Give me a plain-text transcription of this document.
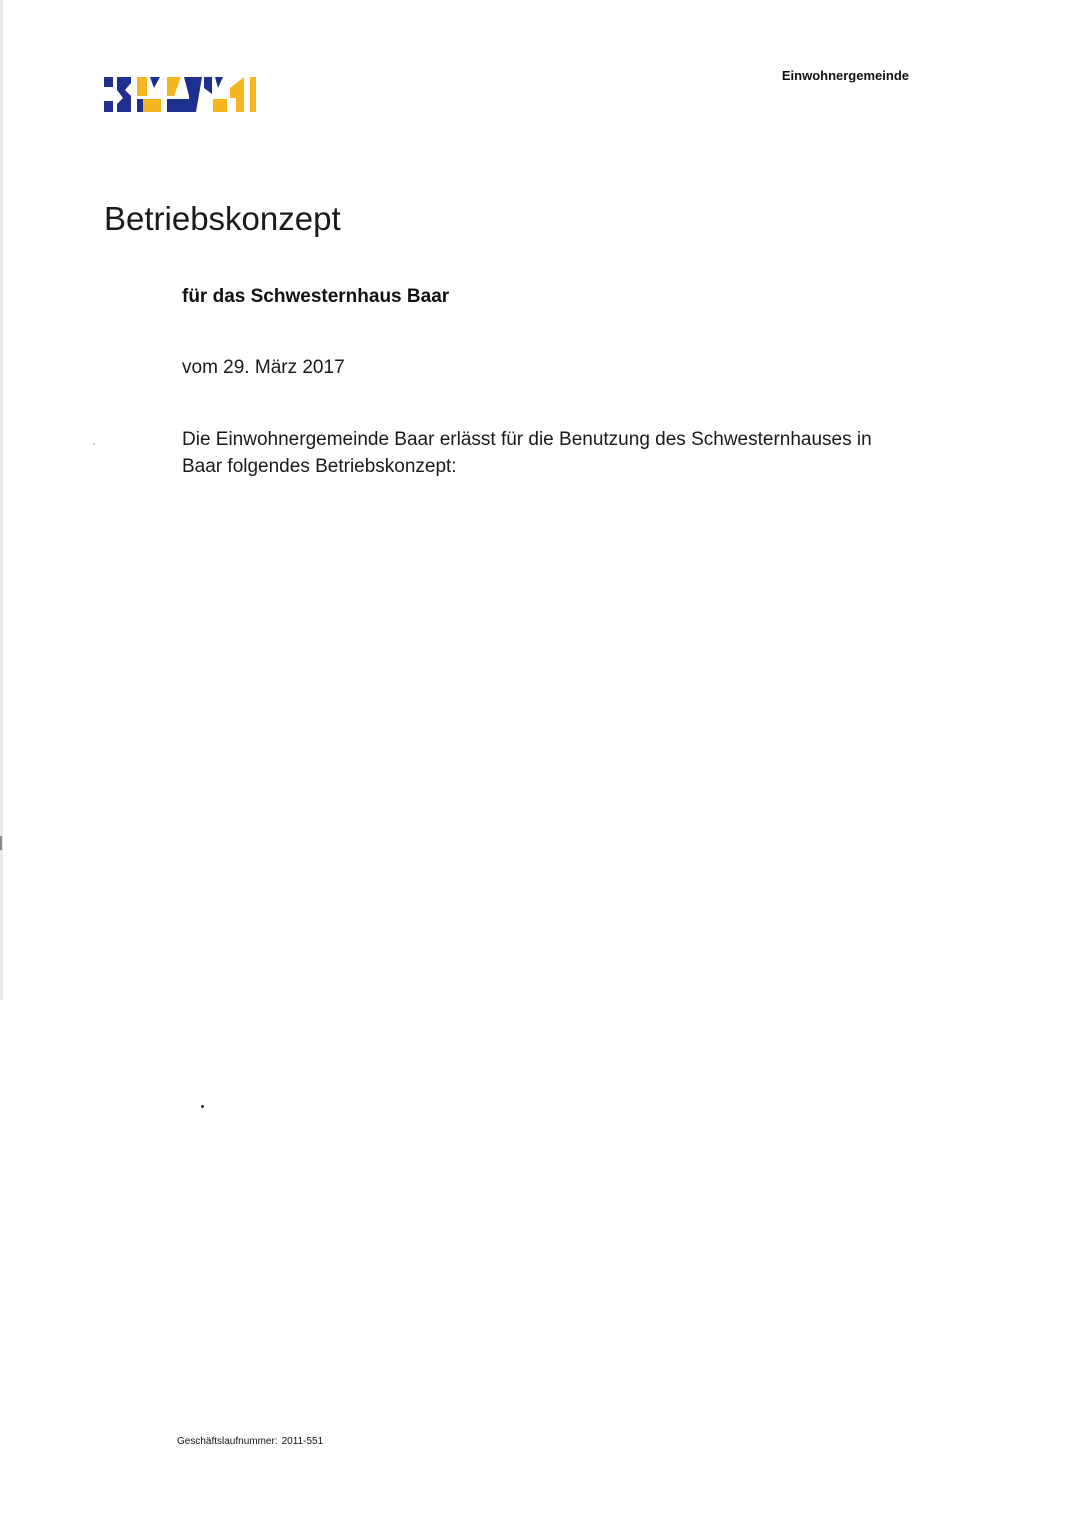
Einwohnergemeinde
Betriebskonzept
für das Schwesternhaus Baar
vom 29. März 2017

Die Einwohnergemeinde Baar erlässt für die Benutzung des Schwesternhauses in Baar folgendes Betriebskonzept:

Geschäftslaufnummer: 2011-551
